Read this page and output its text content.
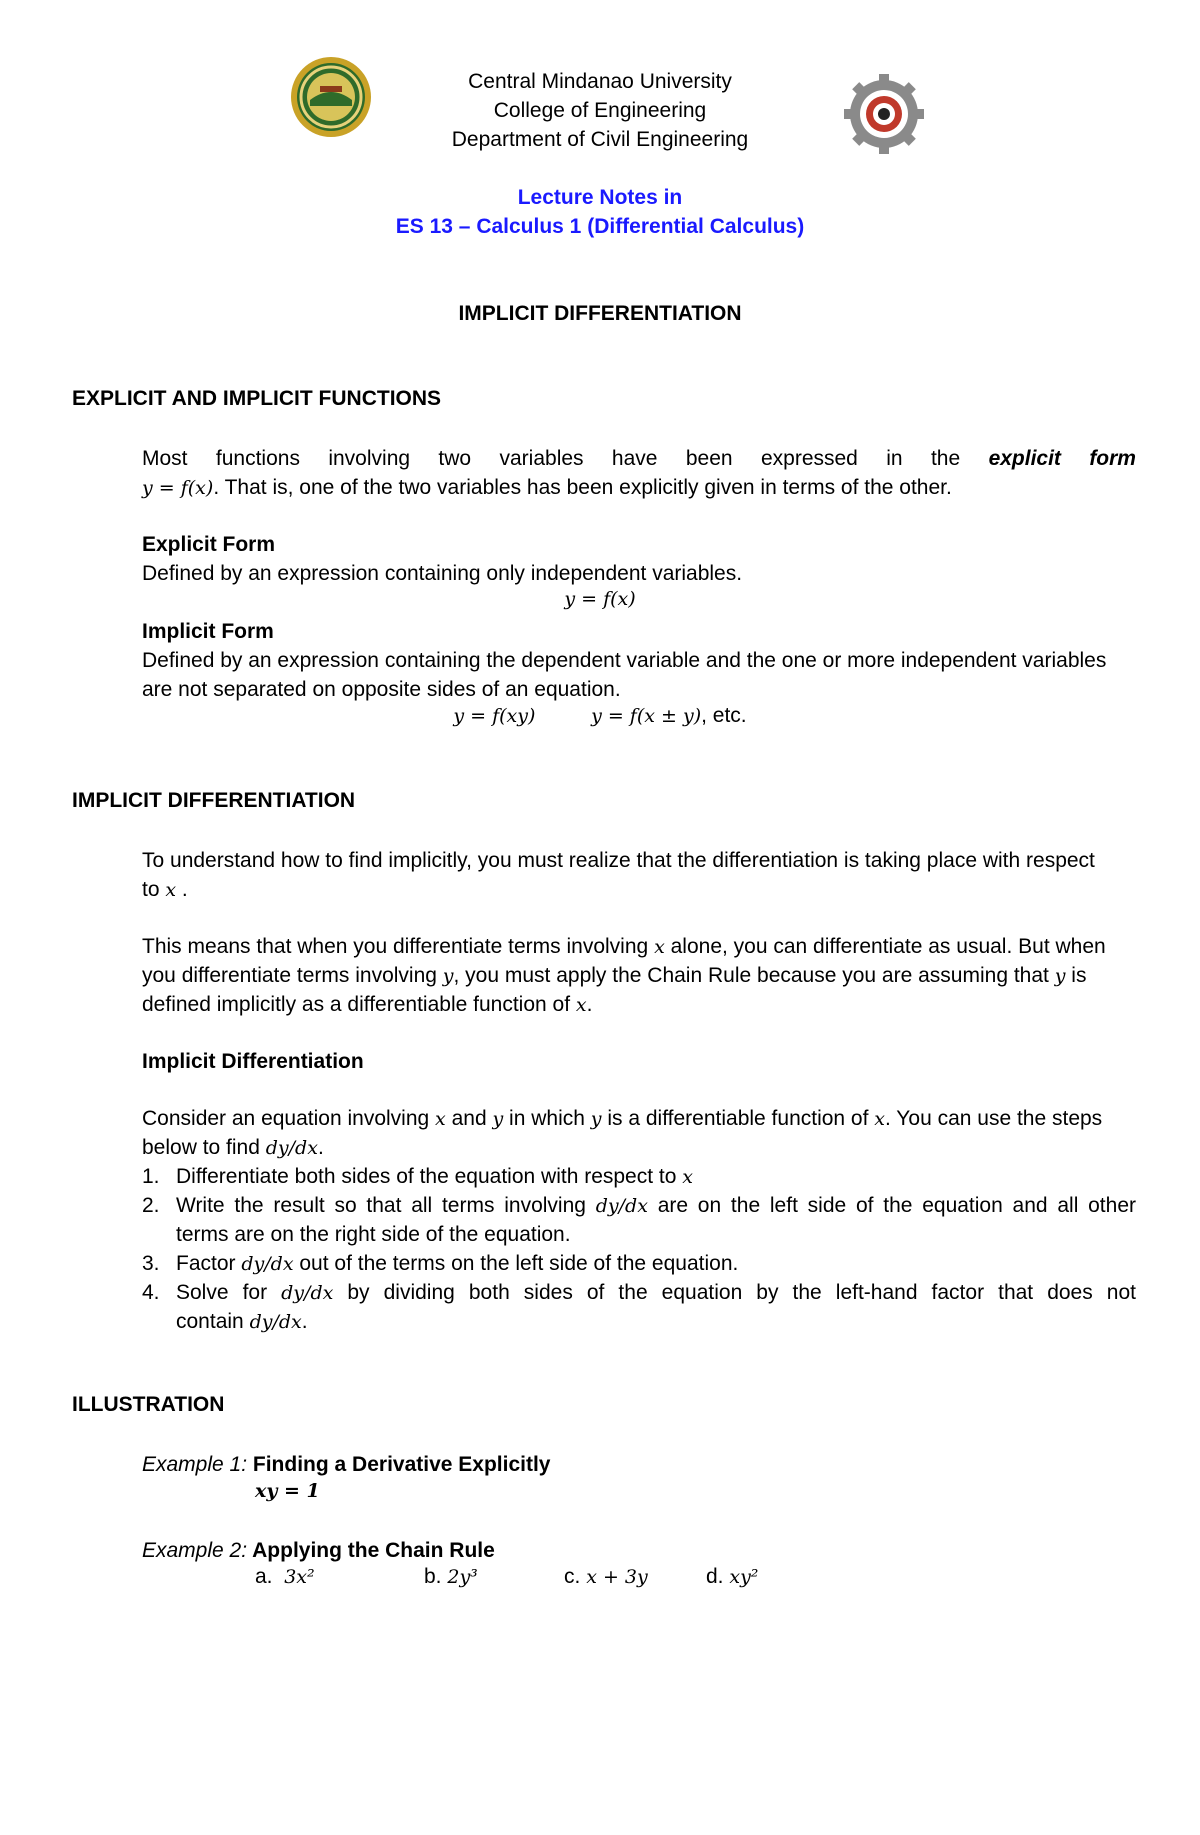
Central Mindanao University
College of Engineering
Department of Civil Engineering
Lecture Notes in
ES 13 – Calculus 1 (Differential Calculus)
IMPLICIT DIFFERENTIATION
EXPLICIT AND IMPLICIT FUNCTIONS
Most functions involving two variables have been expressed in the explicit form
y = f(x). That is, one of the two variables has been explicitly given in terms of the other.
Explicit Form
Defined by an expression containing only independent variables.
y = f(x)
Implicit Form
Defined by an expression containing the dependent variable and the one or more independent variables
are not separated on opposite sides of an equation.
y = f(xy)	y = f(x ± y), etc.
IMPLICIT DIFFERENTIATION
To understand how to find implicitly, you must realize that the differentiation is taking place with respect
to x .
This means that when you differentiate terms involving x alone, you can differentiate as usual. But when
you differentiate terms involving y, you must apply the Chain Rule because you are assuming that y is
defined implicitly as a differentiable function of x.
Implicit Differentiation
Consider an equation involving x and y in which y is a differentiable function of x. You can use the steps
below to find dy/dx.
1. Differentiate both sides of the equation with respect to x
2. Write the result so that all terms involving dy/dx are on the left side of the equation and all other
terms are on the right side of the equation.
3. Factor dy/dx out of the terms on the left side of the equation.
4. Solve for dy/dx by dividing both sides of the equation by the left-hand factor that does not
contain dy/dx.
ILLUSTRATION
Example 1: Finding a Derivative Explicitly
xy = 1
Example 2: Applying the Chain Rule
a. 3x²	b. 2y³	c. x + 3y	d. xy²
